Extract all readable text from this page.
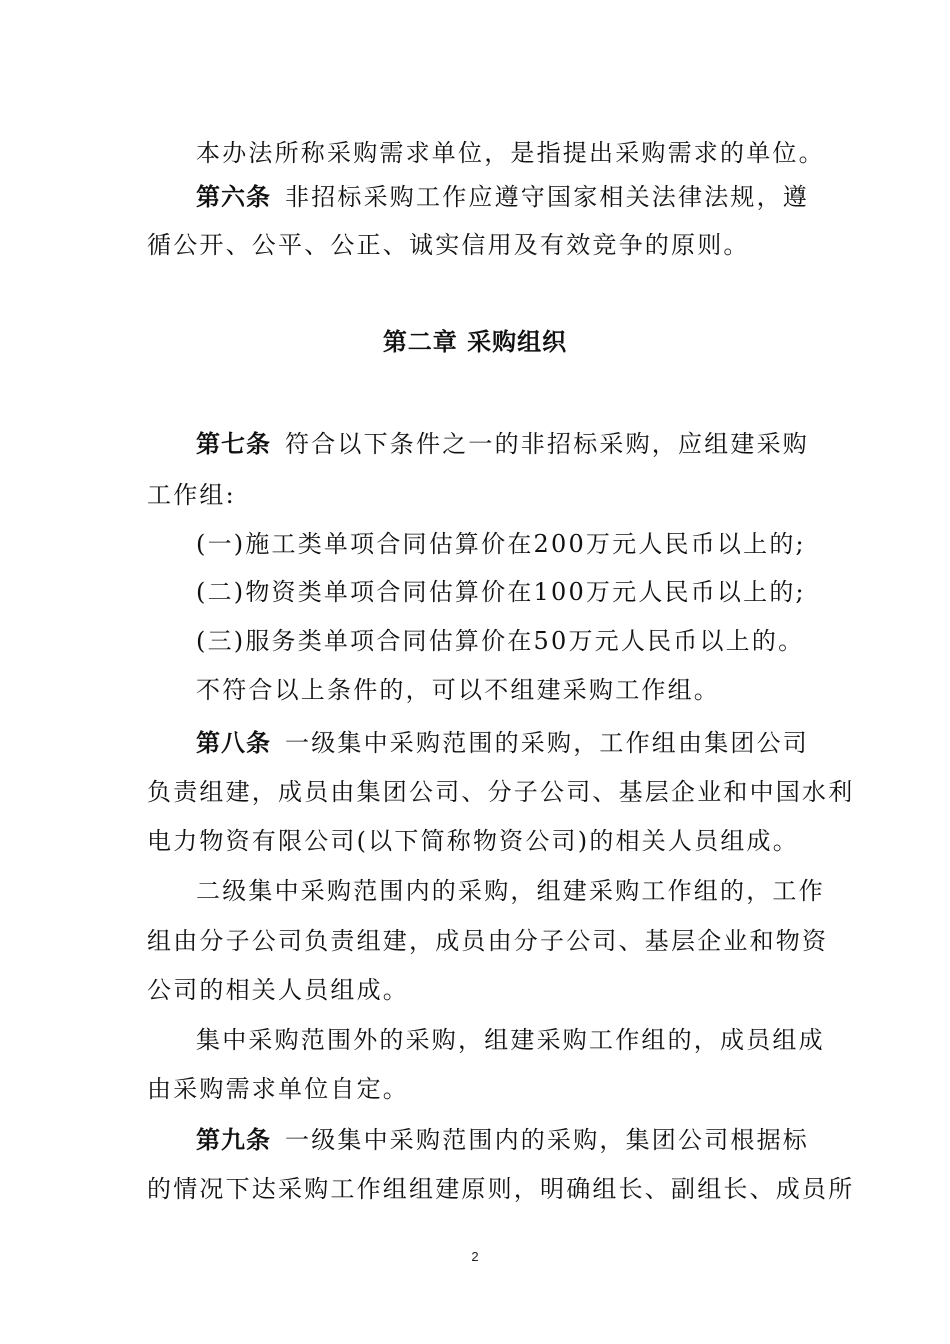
本办法所称采购需求单位，是指提出采购需求的单位。
第六条 非招标采购工作应遵守国家相关法律法规，遵
循公开、公平、公正、诚实信用及有效竞争的原则。
第二章 采购组织
第七条 符合以下条件之一的非招标采购，应组建采购
工作组:
(一)施工类单项合同估算价在200万元人民币以上的;
(二)物资类单项合同估算价在100万元人民币以上的;
(三)服务类单项合同估算价在50万元人民币以上的。
不符合以上条件的，可以不组建采购工作组。
第八条 一级集中采购范围的采购，工作组由集团公司
负责组建，成员由集团公司、分子公司、基层企业和中国水利
电力物资有限公司(以下简称物资公司)的相关人员组成。
二级集中采购范围内的采购，组建采购工作组的，工作
组由分子公司负责组建，成员由分子公司、基层企业和物资
公司的相关人员组成。
集中采购范围外的采购，组建采购工作组的，成员组成
由采购需求单位自定。
第九条 一级集中采购范围内的采购，集团公司根据标
的情况下达采购工作组组建原则，明确组长、副组长、成员所
2
